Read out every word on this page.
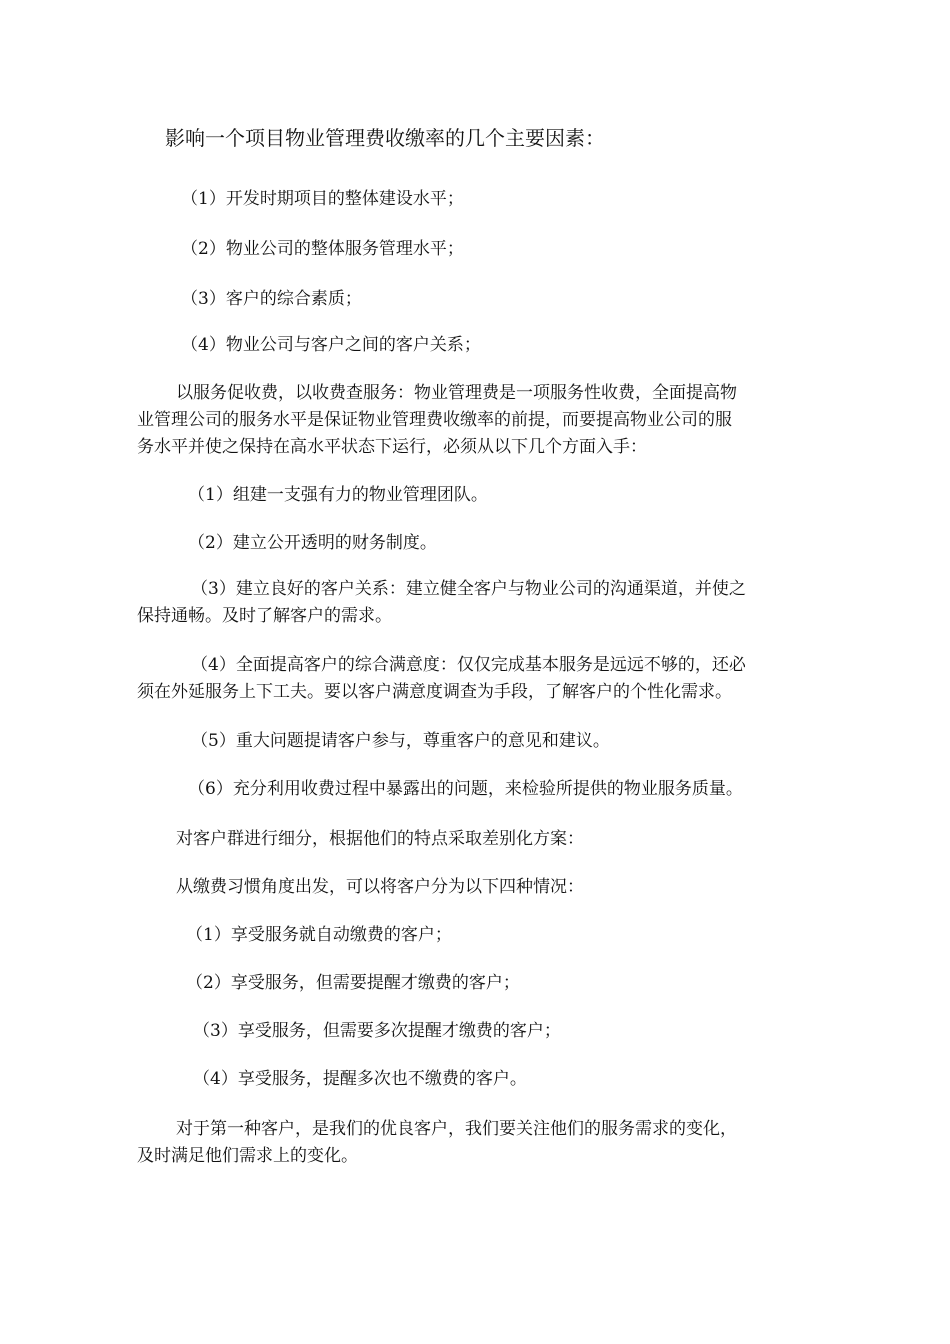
影响一个项目物业管理费收缴率的几个主要因素：
（1）开发时期项目的整体建设水平；
（2）物业公司的整体服务管理水平；
（3）客户的综合素质；
（4）物业公司与客户之间的客户关系；
以服务促收费，以收费查服务：物业管理费是一项服务性收费，全面提高物
业管理公司的服务水平是保证物业管理费收缴率的前提，而要提高物业公司的服
务水平并使之保持在高水平状态下运行，必须从以下几个方面入手：
（1）组建一支强有力的物业管理团队。
（2）建立公开透明的财务制度。
（3）建立良好的客户关系：建立健全客户与物业公司的沟通渠道，并使之
保持通畅。及时了解客户的需求。
（4）全面提高客户的综合满意度：仅仅完成基本服务是远远不够的，还必
须在外延服务上下工夫。要以客户满意度调查为手段，了解客户的个性化需求。
（5）重大问题提请客户参与，尊重客户的意见和建议。
（6）充分利用收费过程中暴露出的问题，来检验所提供的物业服务质量。
对客户群进行细分，根据他们的特点采取差别化方案：
从缴费习惯角度出发，可以将客户分为以下四种情况：
（1）享受服务就自动缴费的客户；
（2）享受服务，但需要提醒才缴费的客户；
（3）享受服务，但需要多次提醒才缴费的客户；
（4）享受服务，提醒多次也不缴费的客户。
对于第一种客户，是我们的优良客户，我们要关注他们的服务需求的变化，
及时满足他们需求上的变化。
